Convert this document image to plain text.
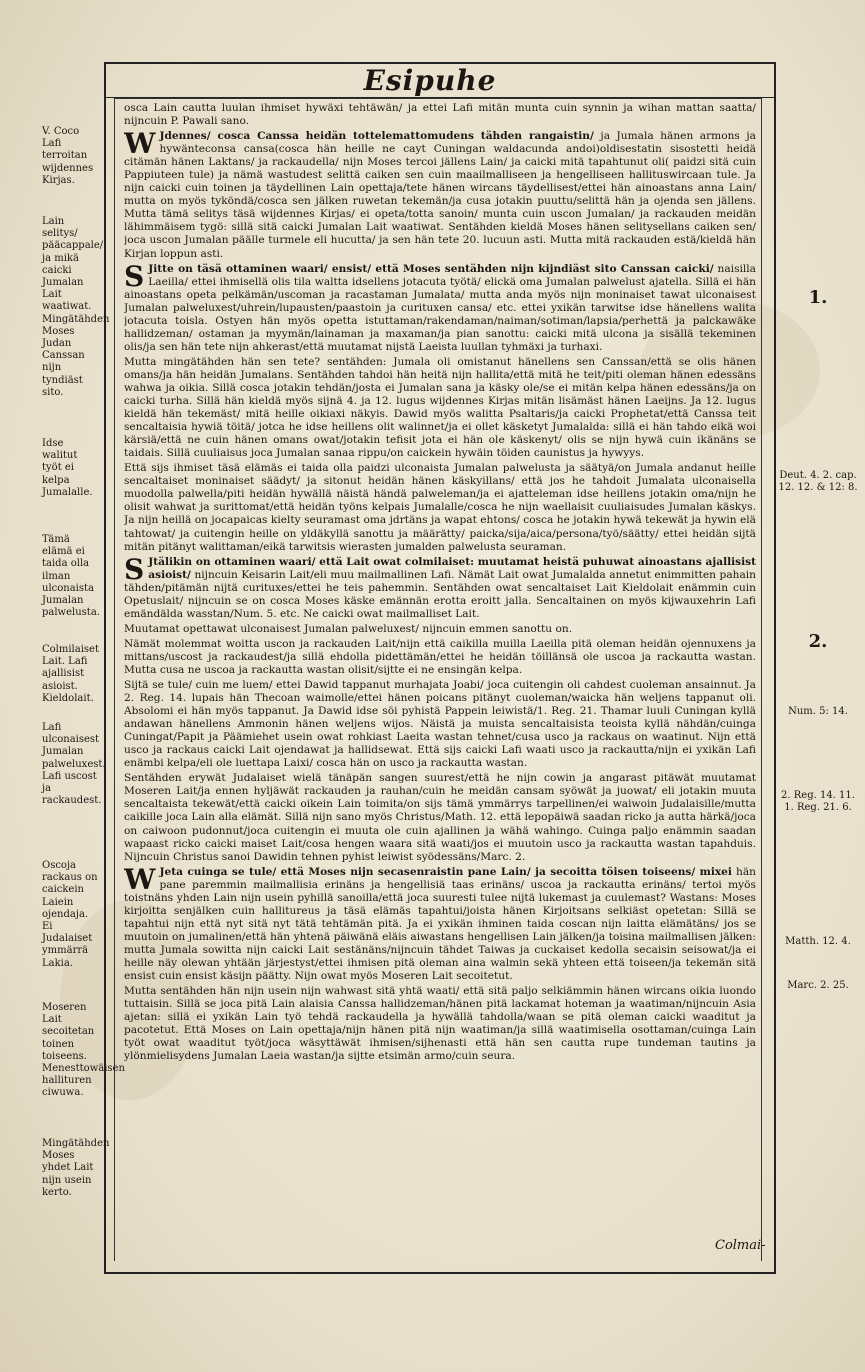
Esipuhe

osca Lain cautta luulan ihmiset hywäxi tehtäwän/ ja ettei Lafi mitän munta cuin synnin ja wihan mattan saatta/ nijncuin P. Pawali sano.

W Jdennes/ cosca Canssa heidän tottelemattomudens tähden rangaistin/ ja Jumala hänen armons ja hywänteconsa cansa(cosca hän heille ne cayt Cuningan waldacunda andoi)oldisestatin sisostetti heidä citämän hänen Laktans/ ja rackaudella/ nijn Moses tercoi jällens Lain/ ja caicki mitä tapahtunut oli( paidzi sitä cuin Pappiuteen tule) ja nämä wastudest selittä caiken sen cuin maailmalliseen ja hengelliseen hallituswircaan tule. Ja nijn caicki cuin toinen ja täydellinen Lain opettaja/tete hänen wircans täydellisest/ettei hän ainoastans anna Lain/ mutta on myös tyköndä/cosca sen jälken ruwetan tekemän/ja cusa jotakin puuttu/selittä hän ja ojenda sen jällens. Mutta tämä selitys täsä wijdennes Kirjas/ ei opeta/totta sanoin/ munta cuin uscon Jumalan/ ja rackauden meidän lähimmäisem tygö: sillä sitä caicki Jumalan Lait waatiwat. Sentähden kieldä Moses hänen selitysellans caiken sen/ joca uscon Jumalan päälle turmele eli hucutta/ ja sen hän tete 20. lucuun asti. Mutta mitä rackauden estä/kieldä hän Kirjan loppun asti.

S Jitte on täsä ottaminen waari/ ensist/ että Moses sentähden nijn kijndiäst sito Canssan caicki/ naisilla Laeilla/ ettei ihmisellä olis tila waltta idsellens jotacuta työtä/ elickä oma Jumalan palwelust ajatella. Sillä ei hän ainoastans opeta pelkämän/uscoman ja racastaman Jumalata/ mutta anda myös nijn moninaiset tawat ulconaisest Jumalan palweluxest/uhrein/lupausten/paastoin ja curituxen cansa/ etc. ettei yxikän tarwitse idse hänellens walita jotacuta toisla. Ostyen hän myös opetta istuttaman/rakendaman/naiman/sotiman/lapsia/perhettä ja palckawäke hallidzeman/ ostaman ja myymän/lainaman ja maxaman/ja pian sanottu: caicki mitä ulcona ja sisällä tekeminen olis/ja sen hän tete nijn ahkerast/että muutamat nijstä Laeista luullan tyhmäxi ja turhaxi.

Mutta mingätähden hän sen tete? sentähden: Jumala oli omistanut hänellens sen Canssan/että se olis hänen omans/ja hän heidän Jumalans. Sentähden tahdoi hän heitä nijn hallita/että mitä he teit/piti oleman hänen edessäns wahwa ja oikia. Sillä cosca jotakin tehdän/josta ei Jumalan sana ja käsky ole/se ei mitän kelpa hänen edessäns/ja on caicki turha. Sillä hän kieldä myös sijnä 4. ja 12. lugus wijdennes Kirjas mitän lisämäst hänen Laeijns. Ja 12. lugus kieldä hän tekemäst/ mitä heille oikiaxi näkyis. Dawid myös walitta Psaltaris/ja caicki Prophetat/että Canssa teit sencaltaisia hywiä töitä/ jotca he idse heillens olit walinnet/ja ei ollet käsketyt Jumalalda: sillä ei hän tahdo eikä woi kärsiä/että ne cuin hänen omans owat/jotakin tefisit jota ei hän ole käskenyt/ olis se nijn hywä cuin ikänäns se taidais. Sillä cuuliaisus joca Jumalan sanaa rippu/on caickein hywäin töiden caunistus ja hywyys.

Että sijs ihmiset täsä elämäs ei taida olla paidzi ulconaista Jumalan palwelusta ja säätyä/on Jumala andanut heille sencaltaiset moninaiset säädyt/ ja sitonut heidän hänen käskyillans/ että jos he tahdoit Jumalata ulconaisella muodolla palwella/piti heidän hywällä näistä händä palweleman/ja ei ajatteleman idse heillens jotakin oma/nijn he olisit wahwat ja surittomat/että heidän työns kelpais Jumalalle/cosca he nijn waellaisit cuuliaisudes Jumalan käskys. Ja nijn heillä on jocapaicas kielty seuramast oma jdrtäns ja wapat ehtons/ cosca he jotakin hywä tekewät ja hywin elä tahtowat/ ja cuitengin heille on yldäkyllä sanottu ja määrätty/ paicka/sija/aica/persona/työ/säätty/ ettei heidän sijtä mitän pitänyt walittaman/eikä tarwitsis wierasten jumalden palwelusta seuraman.

S Jtälikin on ottaminen waari/ että Lait owat colmilaiset: muutamat heistä puhuwat ainoastans ajallisist asioist/ nijncuin Keisarin Lait/eli muu mailmallinen Lafi. Nämät Lait owat Jumalalda annetut enimmitten pahain tähden/pitämän nijtä curituxes/ettei he teis pahemmin. Sentähden owat sencaltaiset Lait Kieldolait enämmin cuin Opetuslait/ nijncuin se on cosca Moses käske emännän erotta eroitt jalla. Sencaltainen on myös kijwauxehrin Lafi emändälda wasstan/Num. 5. etc. Ne caicki owat mailmalliset Lait.

Muutamat opettawat ulconaisest Jumalan palweluxest/ nijncuin emmen sanottu on.

Nämät molemmat woitta uscon ja rackauden Lait/nijn että caikilla muilla Laeilla pitä oleman heidän ojennuxens ja mittans/uscost ja rackaudest/ja sillä ehdolla pidettämän/ettei he heidän töillänsä ole uscoa ja rackautta wastan. Mutta cusa ne uscoa ja rackautta wastan olisit/sijtte ei ne ensingän kelpa.

Sijtä se tule/ cuin me luem/ ettei Dawid tappanut murhajata Joabi/ joca cuitengin oli cahdest cuoleman ansainnut. Ja 2. Reg. 14. lupais hän Thecoan waimolle/ettei hänen poicans pitänyt cuoleman/waicka hän weljens tappanut oli. Absolomi ei hän myös tappanut. Ja Dawid idse söi pyhistä Pappein leiwistä/1. Reg. 21. Thamar luuli Cuningan kyllä andawan hänellens Ammonin hänen weljens wijos. Näistä ja muista sencaltaisista teoista kyllä nähdän/cuinga Cuningat/Papit ja Päämiehet usein owat rohkiast Laeita wastan tehnet/cusa usco ja rackaus on waatinut. Nijn että usco ja rackaus caicki Lait ojendawat ja hallidsewat. Että sijs caicki Lafi waati usco ja rackautta/nijn ei yxikän Lafi enämbi kelpa/eli ole luettapa Laixi/ cosca hän on usco ja rackautta wastan.

Sentähden erywät Judalaiset wielä tänäpän sangen suurest/että he nijn cowin ja angarast pitäwät muutamat Moseren Lait/ja ennen hyljäwät rackauden ja rauhan/cuin he meidän cansam syöwät ja juowat/ eli jotakin muuta sencaltaista tekewät/että caicki oikein Lain toimita/on sijs tämä ymmärrys tarpellinen/ei waiwoin Judalaisille/mutta caikille joca Lain alla elämät. Sillä nijn sano myös Christus/Math. 12. että lepopäiwä saadan ricko ja autta härkä/joca on caiwoon pudonnut/joca cuitengin ei muuta ole cuin ajallinen ja wähä wahingo. Cuinga paljo enämmin saadan wapaast ricko caicki maiset Lait/cosa hengen waara sitä waati/jos ei muutoin usco ja rackautta wastan tapahduis. Nijncuin Christus sanoi Dawidin tehnen pyhist leiwist syödessäns/Marc. 2.

W Jeta cuinga se tule/ että Moses nijn secasenraistin pane Lain/ ja secoitta töisen toiseens/ mixei hän pane paremmin mailmallisia erinäns ja hengellisiä taas erinäns/ uscoa ja rackautta erinäns/ tertoi myös toistnäns yhden Lain nijn usein pyhillä sanoilla/että joca suuresti tulee nijtä lukemast ja cuulemast? Wastans: Moses kirjoitta senjälken cuin hallitureus ja täsä elämäs tapahtui/joista hänen Kirjoitsans selkiäst opetetan: Sillä se tapahtui nijn että nyt sitä nyt tätä tehtämän pitä. Ja ei yxikän ihminen taida coscan nijn laitta elämätäns/ jos se muutoin on jumalinen/että hän yhtenä päiwänä eläis aiwastans hengellisen Lain jälken/ja toisina mailmallisen jälken: mutta Jumala sowitta nijn caicki Lait sestänäns/nijncuin tähdet Taiwas ja cuckaiset kedolla secaisin seisowat/ja ei heille näy olewan yhtään järjestyst/ettei ihmisen pitä oleman aina walmin sekä yhteen että toiseen/ja tekemän sitä ensist cuin ensist käsijn päätty. Nijn owat myös Moseren Lait secoitetut.

Mutta sentähden hän nijn usein nijn wahwast sitä yhtä waati/ että sitä paljo selkiämmin hänen wircans oikia luondo tuttaisin. Sillä se joca pitä Lain alaisia Canssa hallidzeman/hänen pitä lackamat hoteman ja waatiman/nijncuin Asia ajetan: sillä ei yxikän Lain työ tehdä rackaudella ja hywällä tahdolla/waan se pitä oleman caicki waaditut ja pacotetut. Että Moses on Lain opettaja/nijn hänen pitä nijn waatiman/ja sillä waatimisella osottaman/cuinga Lain työt owat waaditut työt/joca wäsyttäwät ihmisen/sijhenasti että hän sen cautta rupe tundeman tautins ja ylönmielisydens Jumalan Laeia wastan/ja sijtte etsimän armo/cuin seura.

V. Coco Lafi terroitan wijdennes Kirjas.
Lain selitys/ pääcappale/ ja mikä caicki Jumalan Lait waatiwat. Mingätähden Moses Judan Canssan nijn tyndiäst sito.
Idse walitut työt ei kelpa Jumalalle.
Tämä elämä ei taida olla ilman ulconaista Jumalan palwelusta.
Colmilaiset Lait. Lafi ajallisist asioist. Kieldolait.
Lafi ulconaisest Jumalan palweluxest. Lafi uscost ja rackaudest.
Oscoja rackaus on caickein Laiein ojendaja. Ei Judalaiset ymmärrä Lakia.
Moseren Lait secoitetan toinen toiseens. Menesttowäisen hallituren ciwuwa.
Mingätähden Moses yhdet Lait nijn usein kerto.
1.
Deut. 4. 2. cap. 12. 12. & 12: 8.
2.
Num. 5: 14.
2. Reg. 14. 11. 1. Reg. 21. 6.
Matth. 12. 4.
Marc. 2. 25.
Colmai-
